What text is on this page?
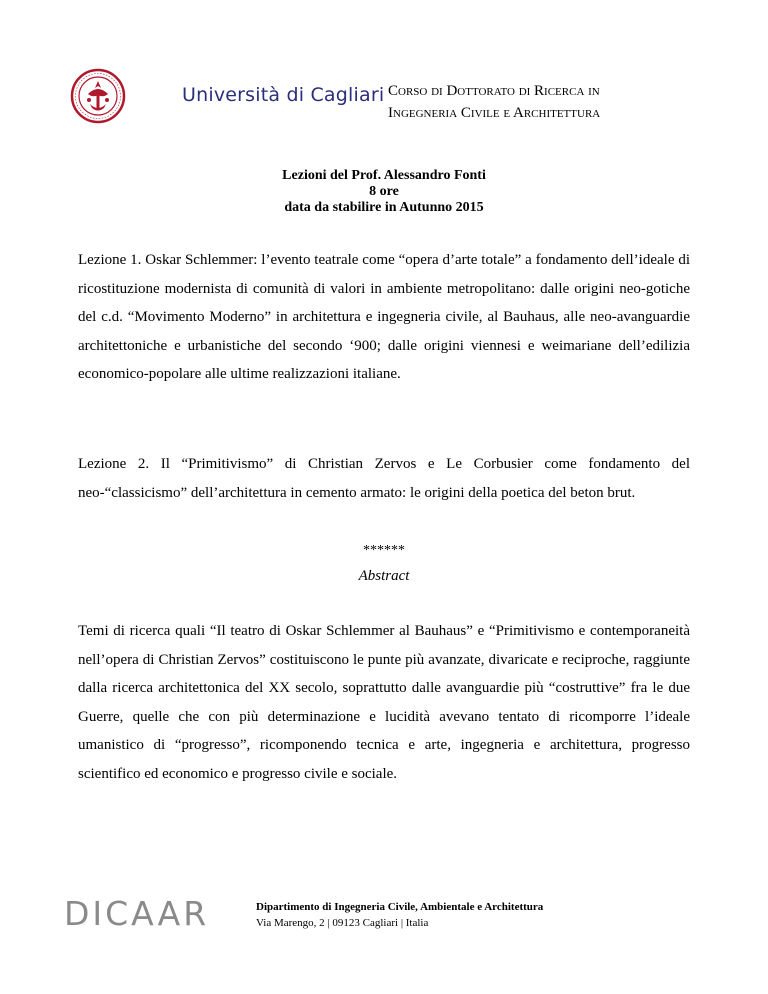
Università di Cagliari Corso di Dottorato di Ricerca in
Ingegneria Civile e Architettura
Lezioni del Prof. Alessandro Fonti
8 ore
data da stabilire in Autunno 2015
Lezione 1. Oskar Schlemmer: l’evento teatrale come “opera d’arte totale” a fondamento dell’ideale di ricostituzione modernista di comunità di valori in ambiente metropolitano: dalle origini neo-gotiche del c.d. “Movimento Moderno” in architettura e ingegneria civile, al Bauhaus, alle neo-avanguardie architettoniche e urbanistiche del secondo ‘900; dalle origini viennesi e weimariane dell’edilizia economico-popolare alle ultime realizzazioni italiane.
Lezione 2. Il “Primitivismo” di Christian Zervos e Le Corbusier come fondamento del neo-“classicismo” dell’architettura in cemento armato: le origini della poetica del beton brut.
******
Abstract
Temi di ricerca quali “Il teatro di Oskar Schlemmer al Bauhaus” e “Primitivismo e contemporaneità nell’opera di Christian Zervos” costituiscono le punte più avanzate, divaricate e reciproche, raggiunte dalla ricerca architettonica del XX secolo, soprattutto dalle avanguardie più “costruttive” fra le due Guerre, quelle che con più determinazione e lucidità avevano tentato di ricomporre l’ideale umanistico di “progresso”, ricomponendo tecnica e arte, ingegneria e architettura, progresso scientifico ed economico e progresso civile e sociale.
DICAAR	Dipartimento di Ingegneria Civile, Ambientale e Architettura
Via Marengo, 2 | 09123 Cagliari | Italia
